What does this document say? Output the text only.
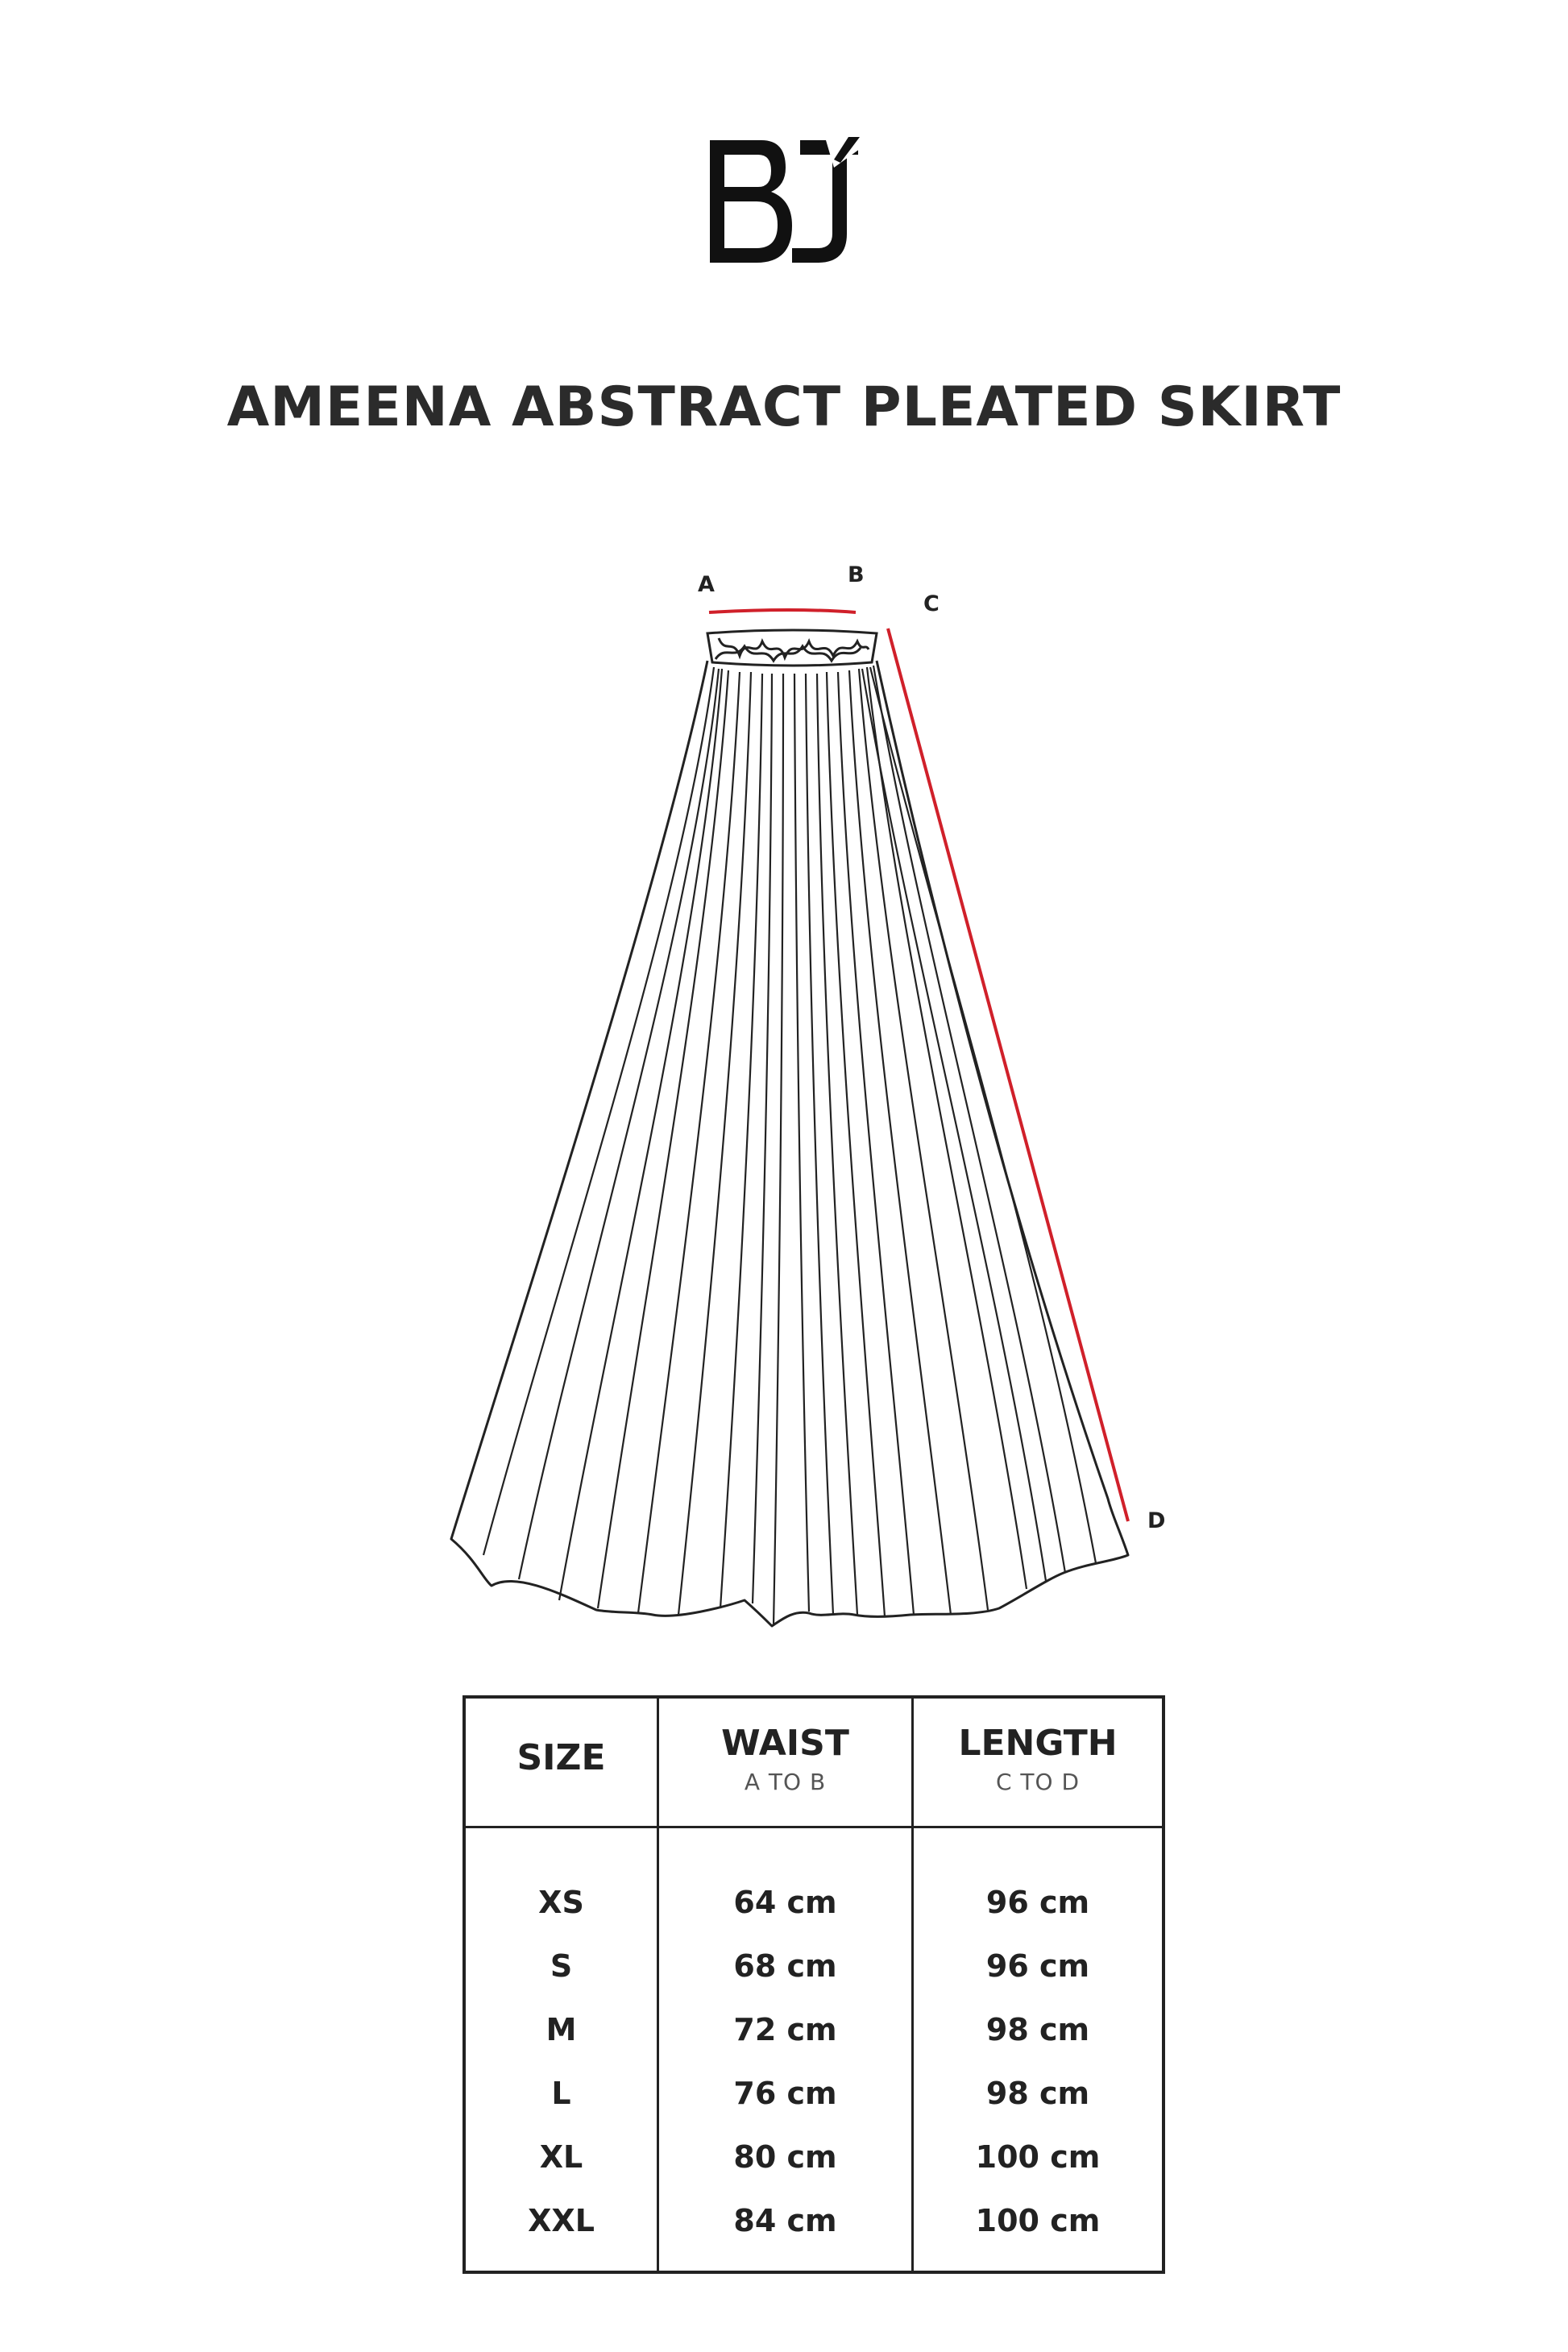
AMEENA ABSTRACT PLEATED SKIRT
A	B
C
D
SIZE	WAIST
A TO B
LENGTH
C TO D
XS
S
M
L
XL
XXL
64 cm
68 cm
72 cm
76 cm
80 cm
84 cm
96 cm
96 cm
98 cm
98 cm
100 cm
100 cm
